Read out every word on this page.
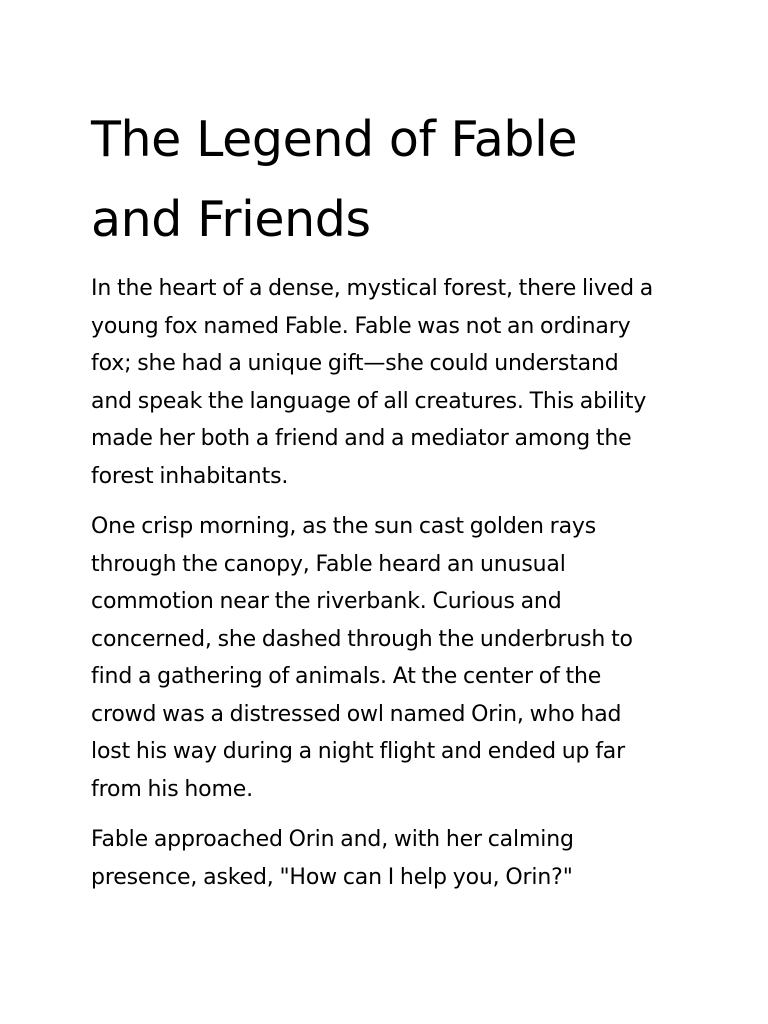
The Legend of Fable
and Friends

In the heart of a dense, mystical forest, there lived a
young fox named Fable. Fable was not an ordinary
fox; she had a unique gift—she could understand
and speak the language of all creatures. This ability
made her both a friend and a mediator among the
forest inhabitants.

One crisp morning, as the sun cast golden rays
through the canopy, Fable heard an unusual
commotion near the riverbank. Curious and
concerned, she dashed through the underbrush to
find a gathering of animals. At the center of the
crowd was a distressed owl named Orin, who had
lost his way during a night flight and ended up far
from his home.

Fable approached Orin and, with her calming
presence, asked, "How can I help you, Orin?"
